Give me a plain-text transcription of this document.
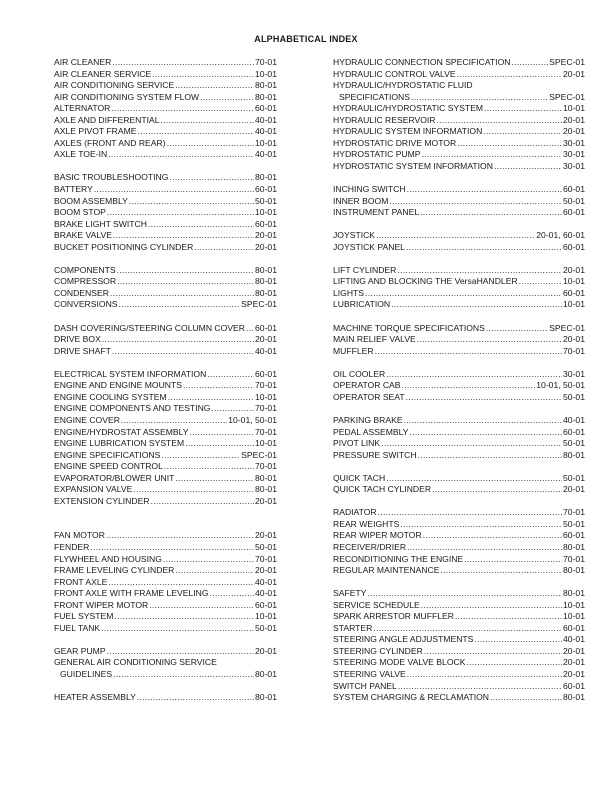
ALPHABETICAL INDEX
AIR CLEANER .....	70-01
AIR CLEANER SERVICE .....	10-01
AIR CONDITIONING SERVICE .....	80-01
AIR CONDITIONING SYSTEM FLOW .....	80-01
ALTERNATOR .....	60-01
AXLE AND DIFFERENTIAL .....	40-01
AXLE PIVOT FRAME .....	40-01
AXLES (FRONT AND REAR) .....	10-01
AXLE TOE-IN .....	40-01
BASIC TROUBLESHOOTING .....	80-01
BATTERY .....	60-01
BOOM ASSEMBLY .....	50-01
BOOM STOP .....	10-01
BRAKE LIGHT SWITCH .....	60-01
BRAKE VALVE .....	20-01
BUCKET POSITIONING CYLINDER .....	20-01
COMPONENTS .....	80-01
COMPRESSOR .....	80-01
CONDENSER .....	80-01
CONVERSIONS .....	SPEC-01
DASH COVERING/STEERING COLUMN COVER ..... 60-01
DRIVE BOX .....	20-01
DRIVE SHAFT .....	40-01
ELECTRICAL SYSTEM INFORMATION .....	60-01
ENGINE AND ENGINE MOUNTS .....	70-01
ENGINE COOLING SYSTEM .....	10-01
ENGINE COMPONENTS AND TESTING .....	70-01
ENGINE COVER .....	10-01, 50-01
ENGINE/HYDROSTAT ASSEMBLY .....	70-01
ENGINE LUBRICATION SYSTEM .....	10-01
ENGINE SPECIFICATIONS .....	SPEC-01
ENGINE SPEED CONTROL .....	70-01
EVAPORATOR/BLOWER UNIT .....	80-01
EXPANSION VALVE .....	80-01
EXTENSION CYLINDER .....	20-01
FAN MOTOR .....	20-01
FENDER .....	50-01
FLYWHEEL AND HOUSING .....	70-01
FRAME LEVELING CYLINDER .....	20-01
FRONT AXLE .....	40-01
FRONT AXLE WITH FRAME LEVELING .....	40-01
FRONT WIPER MOTOR .....	60-01
FUEL SYSTEM .....	10-01
FUEL TANK .....	50-01
GEAR PUMP .....	20-01
GENERAL AIR CONDITIONING SERVICE
GUIDELINES .....	80-01
HEATER ASSEMBLY .....	80-01
HYDRAULIC CONNECTION SPECIFICATION .....	SPEC-01
HYDRAULIC CONTROL VALVE .....	20-01
HYDRAULIC/HYDROSTATIC FLUID
SPECIFICATIONS .....	SPEC-01
HYDRAULIC/HYDROSTATIC SYSTEM .....	10-01
HYDRAULIC RESERVOIR .....	20-01
HYDRAULIC SYSTEM INFORMATION .....	20-01
HYDROSTATIC DRIVE MOTOR .....	30-01
HYDROSTATIC PUMP .....	30-01
HYDROSTATIC SYSTEM INFORMATION .....	30-01
INCHING SWITCH .....	60-01
INNER BOOM .....	50-01
INSTRUMENT PANEL .....	60-01
JOYSTICK .....	20-01, 60-01
JOYSTICK PANEL .....	60-01
LIFT CYLINDER .....	20-01
LIFTING AND BLOCKING THE VersaHANDLER .....	10-01
LIGHTS .....	60-01
LUBRICATION .....	10-01
MACHINE TORQUE SPECIFICATIONS .....	SPEC-01
MAIN RELIEF VALVE .....	20-01
MUFFLER .....	70-01
OIL COOLER .....	30-01
OPERATOR CAB .....	10-01, 50-01
OPERATOR SEAT .....	50-01
PARKING BRAKE .....	40-01
PEDAL ASSEMBLY .....	60-01
PIVOT LINK .....	50-01
PRESSURE SWITCH .....	80-01
QUICK TACH .....	50-01
QUICK TACH CYLINDER .....	20-01
RADIATOR .....	70-01
REAR WEIGHTS .....	50-01
REAR WIPER MOTOR .....	60-01
RECEIVER/DRIER .....	80-01
RECONDITIONING THE ENGINE .....	70-01
REGULAR MAINTENANCE .....	80-01
SAFETY .....	80-01
SERVICE SCHEDULE .....	10-01
SPARK ARRESTOR MUFFLER .....	10-01
STARTER .....	60-01
STEERING ANGLE ADJUSTMENTS .....	40-01
STEERING CYLINDER .....	20-01
STEERING MODE VALVE BLOCK .....	20-01
STEERING VALVE .....	20-01
SWITCH PANEL .....	60-01
SYSTEM CHARGING & RECLAMATION .....	80-01
